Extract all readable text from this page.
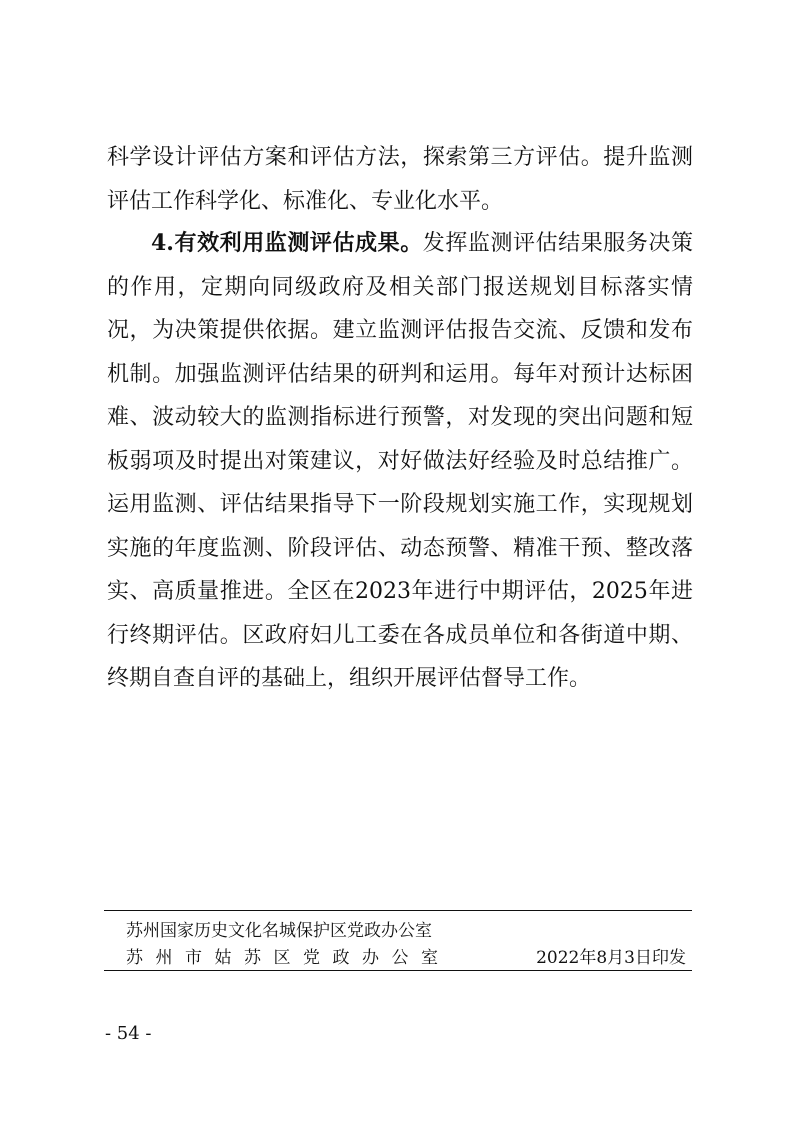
科学设计评估方案和评估方法，探索第三方评估。提升监测评估工作科学化、标准化、专业化水平。

4.有效利用监测评估成果。发挥监测评估结果服务决策的作用，定期向同级政府及相关部门报送规划目标落实情况，为决策提供依据。建立监测评估报告交流、反馈和发布机制。加强监测评估结果的研判和运用。每年对预计达标困难、波动较大的监测指标进行预警，对发现的突出问题和短板弱项及时提出对策建议，对好做法好经验及时总结推广。运用监测、评估结果指导下一阶段规划实施工作，实现规划实施的年度监测、阶段评估、动态预警、精准干预、整改落实、高质量推进。全区在2023年进行中期评估，2025年进行终期评估。区政府妇儿工委在各成员单位和各街道中期、终期自查自评的基础上，组织开展评估督导工作。

苏州国家历史文化名城保护区党政办公室
苏州市姑苏区党政办公室	2022年8月3日印发
- 54 -
